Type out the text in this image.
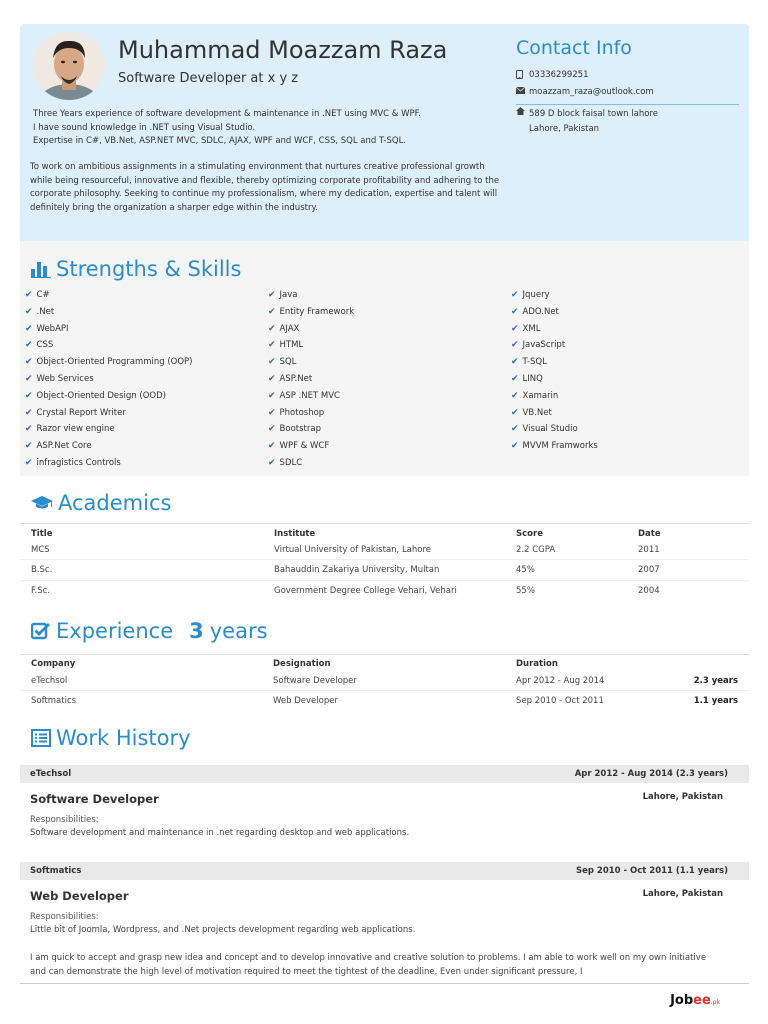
Muhammad Moazzam Raza
Software Developer at x y z

Three Years experience of software development & maintenance in .NET using MVC & WPF.

I have sound knowledge in .NET using Visual Studio.

Expertise in C#, VB.Net, ASP.NET MVC, SDLC, AJAX, WPF and WCF, CSS, SQL and T-SQL.

To work on ambitious assignments in a stimulating environment that nurtures creative professional growth while being resourceful, innovative and flexible, thereby optimizing corporate profitability and adhering to the corporate philosophy. Seeking to continue my professionalism, where my dedication, expertise and talent will definitely bring the organization a sharper edge within the industry.
Contact Info
03336299251
moazzam_raza@outlook.com
589 D block faisal town lahore
Lahore, Pakistan
Strengths & Skills
✔ C#
✔ .Net
✔ WebAPI
✔ CSS
✔ Object-Oriented Programming (OOP)
✔ Web Services
✔ Object-Oriented Design (OOD)
✔ Crystal Report Writer
✔ Razor view engine
✔ ASP.Net Core
✔ infragistics Controls
✔ Java
✔ Entity Framework
✔ AJAX
✔ HTML
✔ SQL
✔ ASP.Net
✔ ASP .NET MVC
✔ Photoshop
✔ Bootstrap
✔ WPF & WCF
✔ SDLC
✔ Jquery
✔ ADO.Net
✔ XML
✔ JavaScript
✔ T-SQL
✔ LINQ
✔ Xamarin
✔ VB.Net
✔ Visual Studio
✔ MVVM Framworks
Academics
Title	Institute	Score	Date
MCS	Virtual University of Pakistan, Lahore	2.2 CGPA	2011
B.Sc.	Bahauddin Zakariya University, Multan	45%	2007
F.Sc.	Government Degree College Vehari, Vehari	55%	2004
Experience 3 years
Company	Designation	Duration
eTechsol	Software Developer	Apr 2012 - Aug 2014	2.3 years
Softmatics	Web Developer	Sep 2010 - Oct 2011	1.1 years
Work History
eTechsol	Apr 2012 - Aug 2014 (2.3 years)
Software Developer	Lahore, Pakistan
Responsibilities:
Software development and maintenance in .net regarding desktop and web applications.
Softmatics	Sep 2010 - Oct 2011 (1.1 years)
Web Developer	Lahore, Pakistan
Responsibilities:
Little bit of Joomla, Wordpress, and .Net projects development regarding web applications.
I am quick to accept and grasp new idea and concept and to develop innovative and creative solution to problems. I am able to work well on my own initiative and can demonstrate the high level of motivation required to meet the tightest of the deadline. Even under significant pressure, I
Jobee.pk
